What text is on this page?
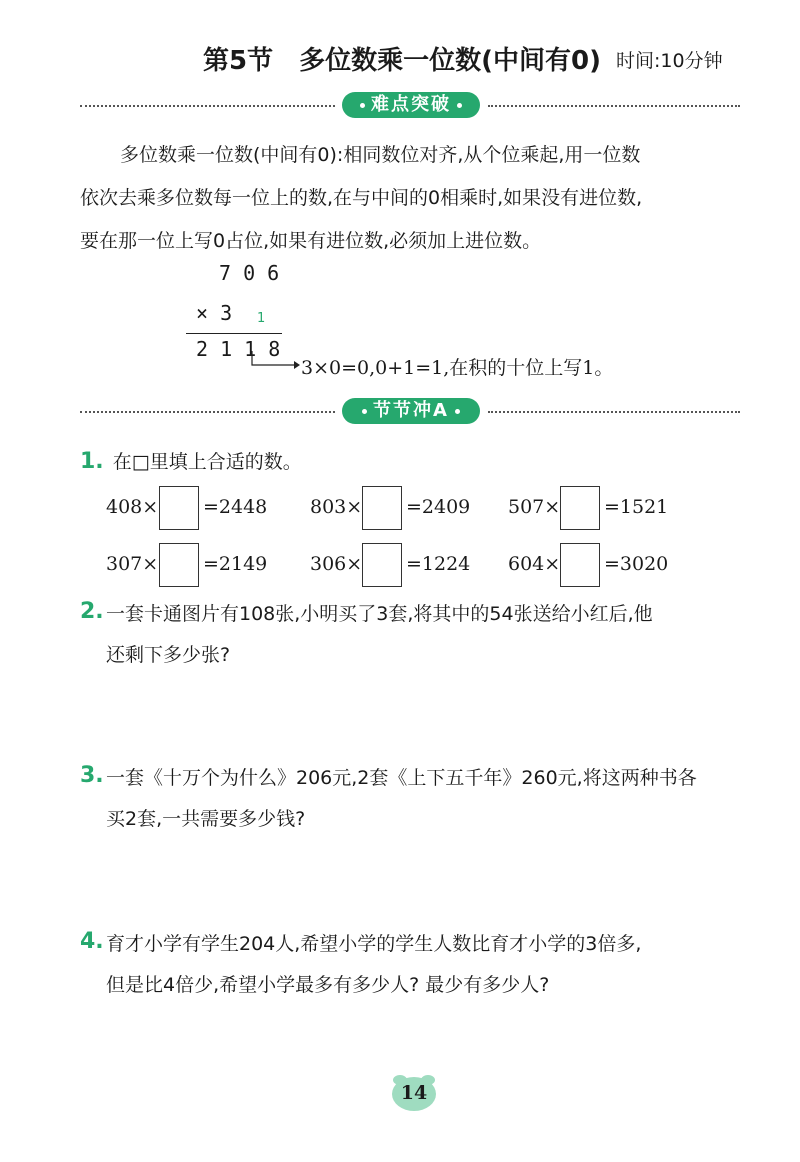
第5节　多位数乘一位数(中间有0) 时间:10分钟
难点突破

多位数乘一位数(中间有0):相同数位对齐,从个位乘起,用一位数

依次去乘多位数每一位上的数,在与中间的0相乘时,如果没有进位数,

要在那一位上写0占位,如果有进位数,必须加上进位数。

7 0 6
× 3 1
2 1 1 8
3×0=0,0+1=1,在积的十位上写1。
节节冲A
1. 在□里填上合适的数。
408× =2448 803× =2409 507× =1521
307× =2149 306× =1224 604× =3020
2. 一套卡通图片有108张,小明买了3套,将其中的54张送给小红后,他
还剩下多少张?
3. 一套《十万个为什么》206元,2套《上下五千年》260元,将这两种书各
买2套,一共需要多少钱?
4. 育才小学有学生204人,希望小学的学生人数比育才小学的3倍多,
但是比4倍少,希望小学最多有多少人? 最少有多少人?
14
